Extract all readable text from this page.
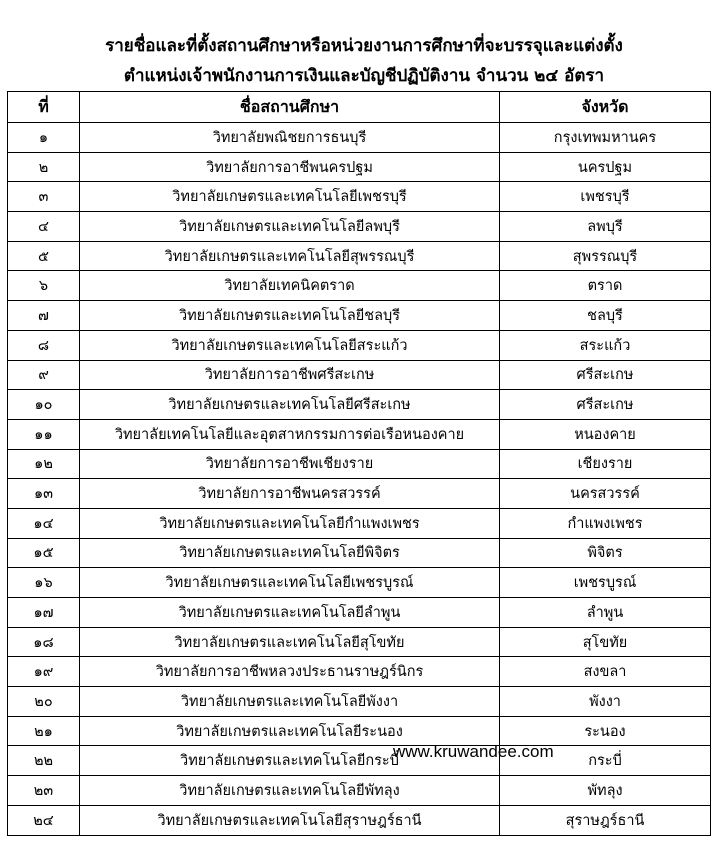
รายชื่อและที่ตั้งสถานศึกษาหรือหน่วยงานการศึกษาที่จะบรรจุและแต่งตั้ง
ตำแหน่งเจ้าพนักงานการเงินและบัญชีปฏิบัติงาน จำนวน ๒๔ อัตรา
ที่	ชื่อสถานศึกษา	จังหวัด
๑	วิทยาลัยพณิชยการธนบุรี	กรุงเทพมหานคร
๒	วิทยาลัยการอาชีพนครปฐม	นครปฐม
๓	วิทยาลัยเกษตรและเทคโนโลยีเพชรบุรี	เพชรบุรี
๔	วิทยาลัยเกษตรและเทคโนโลยีลพบุรี	ลพบุรี
๕	วิทยาลัยเกษตรและเทคโนโลยีสุพรรณบุรี	สุพรรณบุรี
๖	วิทยาลัยเทคนิคตราด	ตราด
๗	วิทยาลัยเกษตรและเทคโนโลยีชลบุรี	ชลบุรี
๘	วิทยาลัยเกษตรและเทคโนโลยีสระแก้ว	สระแก้ว
๙	วิทยาลัยการอาชีพศรีสะเกษ	ศรีสะเกษ
๑๐	วิทยาลัยเกษตรและเทคโนโลยีศรีสะเกษ	ศรีสะเกษ
๑๑	วิทยาลัยเทคโนโลยีและอุตสาหกรรมการต่อเรือหนองคาย	หนองคาย
๑๒	วิทยาลัยการอาชีพเชียงราย	เชียงราย
๑๓	วิทยาลัยการอาชีพนครสวรรค์	นครสวรรค์
๑๔	วิทยาลัยเกษตรและเทคโนโลยีกำแพงเพชร	กำแพงเพชร
๑๕	วิทยาลัยเกษตรและเทคโนโลยีพิจิตร	พิจิตร
๑๖	วิทยาลัยเกษตรและเทคโนโลยีเพชรบูรณ์	เพชรบูรณ์
๑๗	วิทยาลัยเกษตรและเทคโนโลยีลำพูน	ลำพูน
๑๘	วิทยาลัยเกษตรและเทคโนโลยีสุโขทัย	สุโขทัย
๑๙	วิทยาลัยการอาชีพหลวงประธานราษฎร์นิกร	สงขลา
๒๐	วิทยาลัยเกษตรและเทคโนโลยีพังงา	พังงา
๒๑	วิทยาลัยเกษตรและเทคโนโลยีระนอง	ระนอง
๒๒	วิทยาลัยเกษตรและเทคโนโลยีกระบี่	กระบี่
๒๓	วิทยาลัยเกษตรและเทคโนโลยีพัทลุง	พัทลุง
๒๔	วิทยาลัยเกษตรและเทคโนโลยีสุราษฎร์ธานี	สุราษฎร์ธานี
www.kruwandee.com
